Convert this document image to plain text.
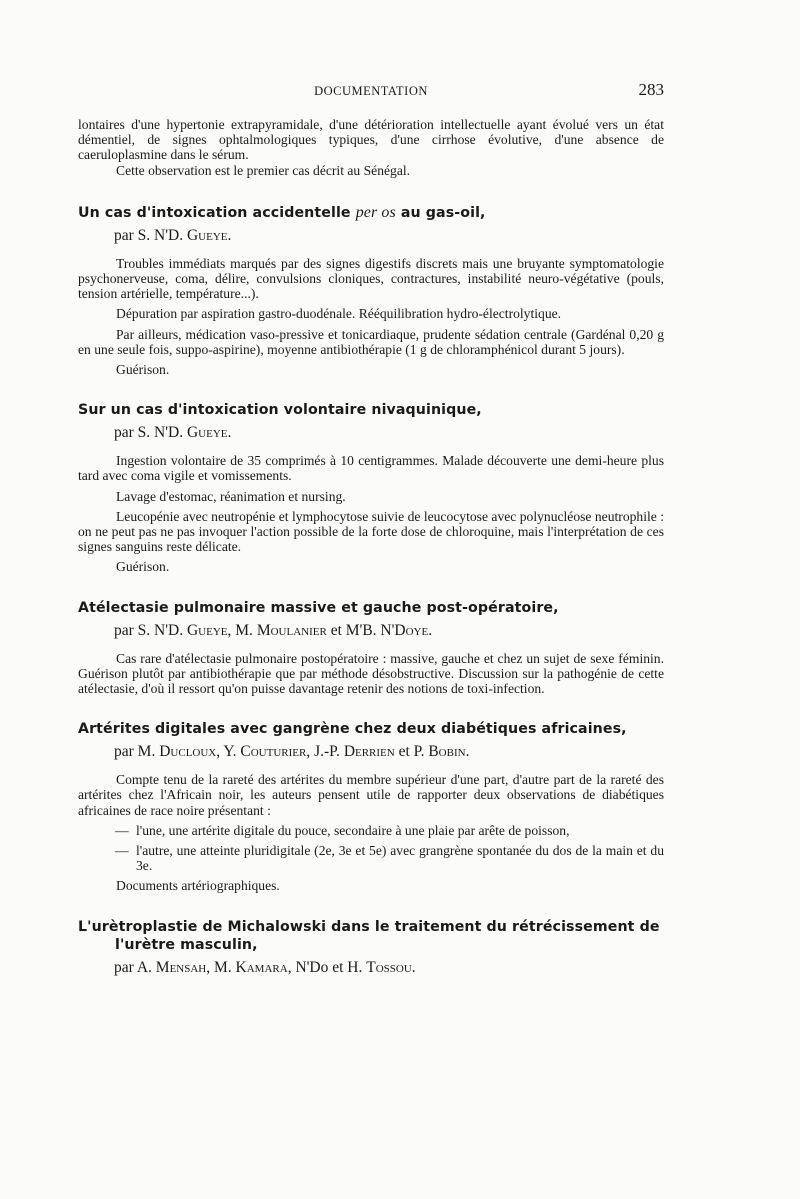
DOCUMENTATION	283

lontaires d'une hypertonie extrapyramidale, d'une détérioration intellectuelle ayant évolué vers un état démentiel, de signes ophtalmologiques typiques, d'une cirrhose évolutive, d'une absence de caeruloplasmine dans le sérum.

Cette observation est le premier cas décrit au Sénégal.

Un cas d'intoxication accidentelle per os au gas-oil,
par S. N'D. Gueye.

Troubles immédiats marqués par des signes digestifs discrets mais une bruyante symptomatologie psychonerveuse, coma, délire, convulsions cloniques, contractures, instabilité neuro-végétative (pouls, tension artérielle, température...).

Dépuration par aspiration gastro-duodénale. Rééquilibration hydro-électrolytique.

Par ailleurs, médication vaso-pressive et tonicardiaque, prudente sédation centrale (Gardénal 0,20 g en une seule fois, suppo-aspirine), moyenne antibiothérapie (1 g de chloramphénicol durant 5 jours).

Guérison.

Sur un cas d'intoxication volontaire nivaquinique,
par S. N'D. Gueye.

Ingestion volontaire de 35 comprimés à 10 centigrammes. Malade découverte une demi-heure plus tard avec coma vigile et vomissements.

Lavage d'estomac, réanimation et nursing.

Leucopénie avec neutropénie et lymphocytose suivie de leucocytose avec polynucléose neutrophile : on ne peut pas ne pas invoquer l'action possible de la forte dose de chloroquine, mais l'interprétation de ces signes sanguins reste délicate.

Guérison.

Atélectasie pulmonaire massive et gauche post-opératoire,
par S. N'D. Gueye, M. Moulanier et M'B. N'Doye.

Cas rare d'atélectasie pulmonaire postopératoire : massive, gauche et chez un sujet de sexe féminin. Guérison plutôt par antibiothérapie que par méthode désobstructive. Discussion sur la pathogénie de cette atélectasie, d'où il ressort qu'on puisse davantage retenir des notions de toxi-infection.

Artérites digitales avec gangrène chez deux diabétiques africaines,
par M. Ducloux, Y. Couturier, J.-P. Derrien et P. Bobin.

Compte tenu de la rareté des artérites du membre supérieur d'une part, d'autre part de la rareté des artérites chez l'Africain noir, les auteurs pensent utile de rapporter deux observations de diabétiques africaines de race noire présentant :

— l'une, une artérite digitale du pouce, secondaire à une plaie par arête de poisson,

— l'autre, une atteinte pluridigitale (2e, 3e et 5e) avec grangrène spontanée du dos de la main et du 3e.

Documents artériographiques.

L'urètroplastie de Michalowski dans le traitement du rétrécissement de l'urètre masculin,
par A. Mensah, M. Kamara, N'Do et H. Tossou.
